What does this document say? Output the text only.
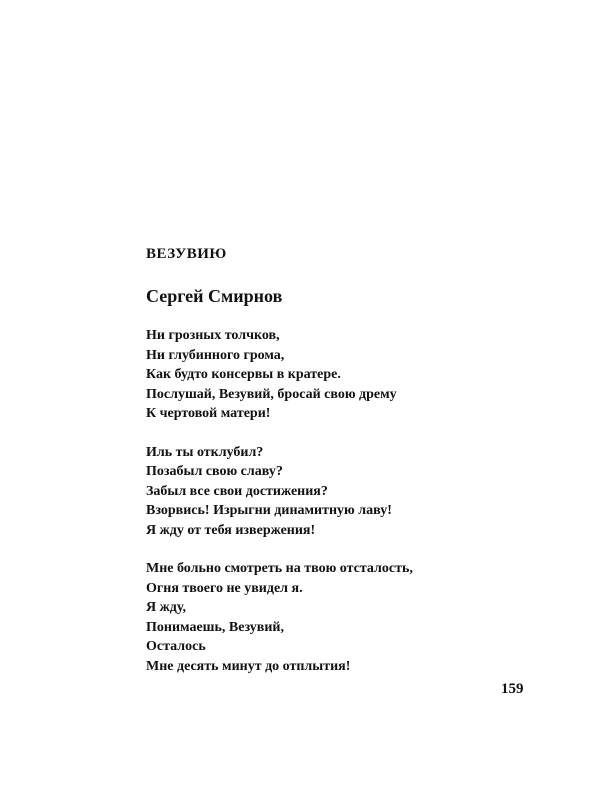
ВЕЗУВИЮ
Сергей Смирнов
Ни грозных толчков,
Ни глубинного грома,
Как будто консервы в кратере.
Послушай, Везувий, бросай свою дрему
К чертовой матери!
Иль ты отклубил?
Позабыл свою славу?
Забыл все свои достижения?
Взорвись! Изрыгни динамитную лаву!
Я жду от тебя извержения!
Мне больно смотреть на твою отсталость,
Огня твоего не увидел я.
Я жду,
Понимаешь, Везувий,
Осталось
Мне десять минут до отплытия!
159
